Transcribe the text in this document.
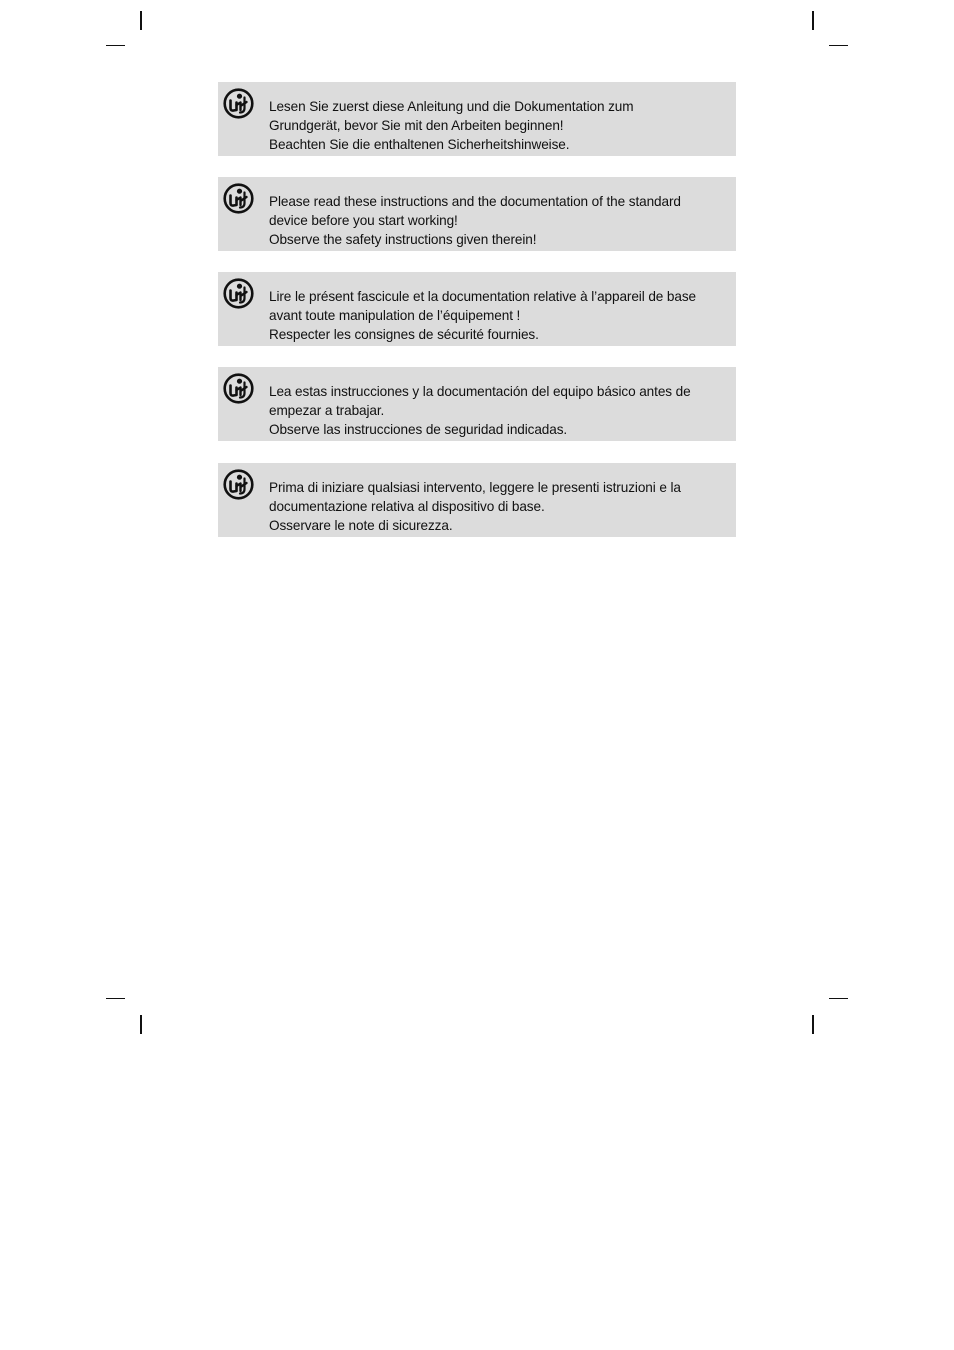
Lesen Sie zuerst diese Anleitung und die Dokumentation zum
Grundgerät, bevor Sie mit den Arbeiten beginnen!
Beachten Sie die enthaltenen Sicherheitshinweise.
Please read these instructions and the documentation of the standard
device before you start working!
Observe the safety instructions given therein!
Lire le présent fascicule et la documentation relative à l’appareil de base
avant toute manipulation de l’équipement !
Respecter les consignes de sécurité fournies.
Lea estas instrucciones y la documentación del equipo básico antes de
empezar a trabajar.
Observe las instrucciones de seguridad indicadas.
Prima di iniziare qualsiasi intervento, leggere le presenti istruzioni e la
documentazione relativa al dispositivo di base.
Osservare le note di sicurezza.
